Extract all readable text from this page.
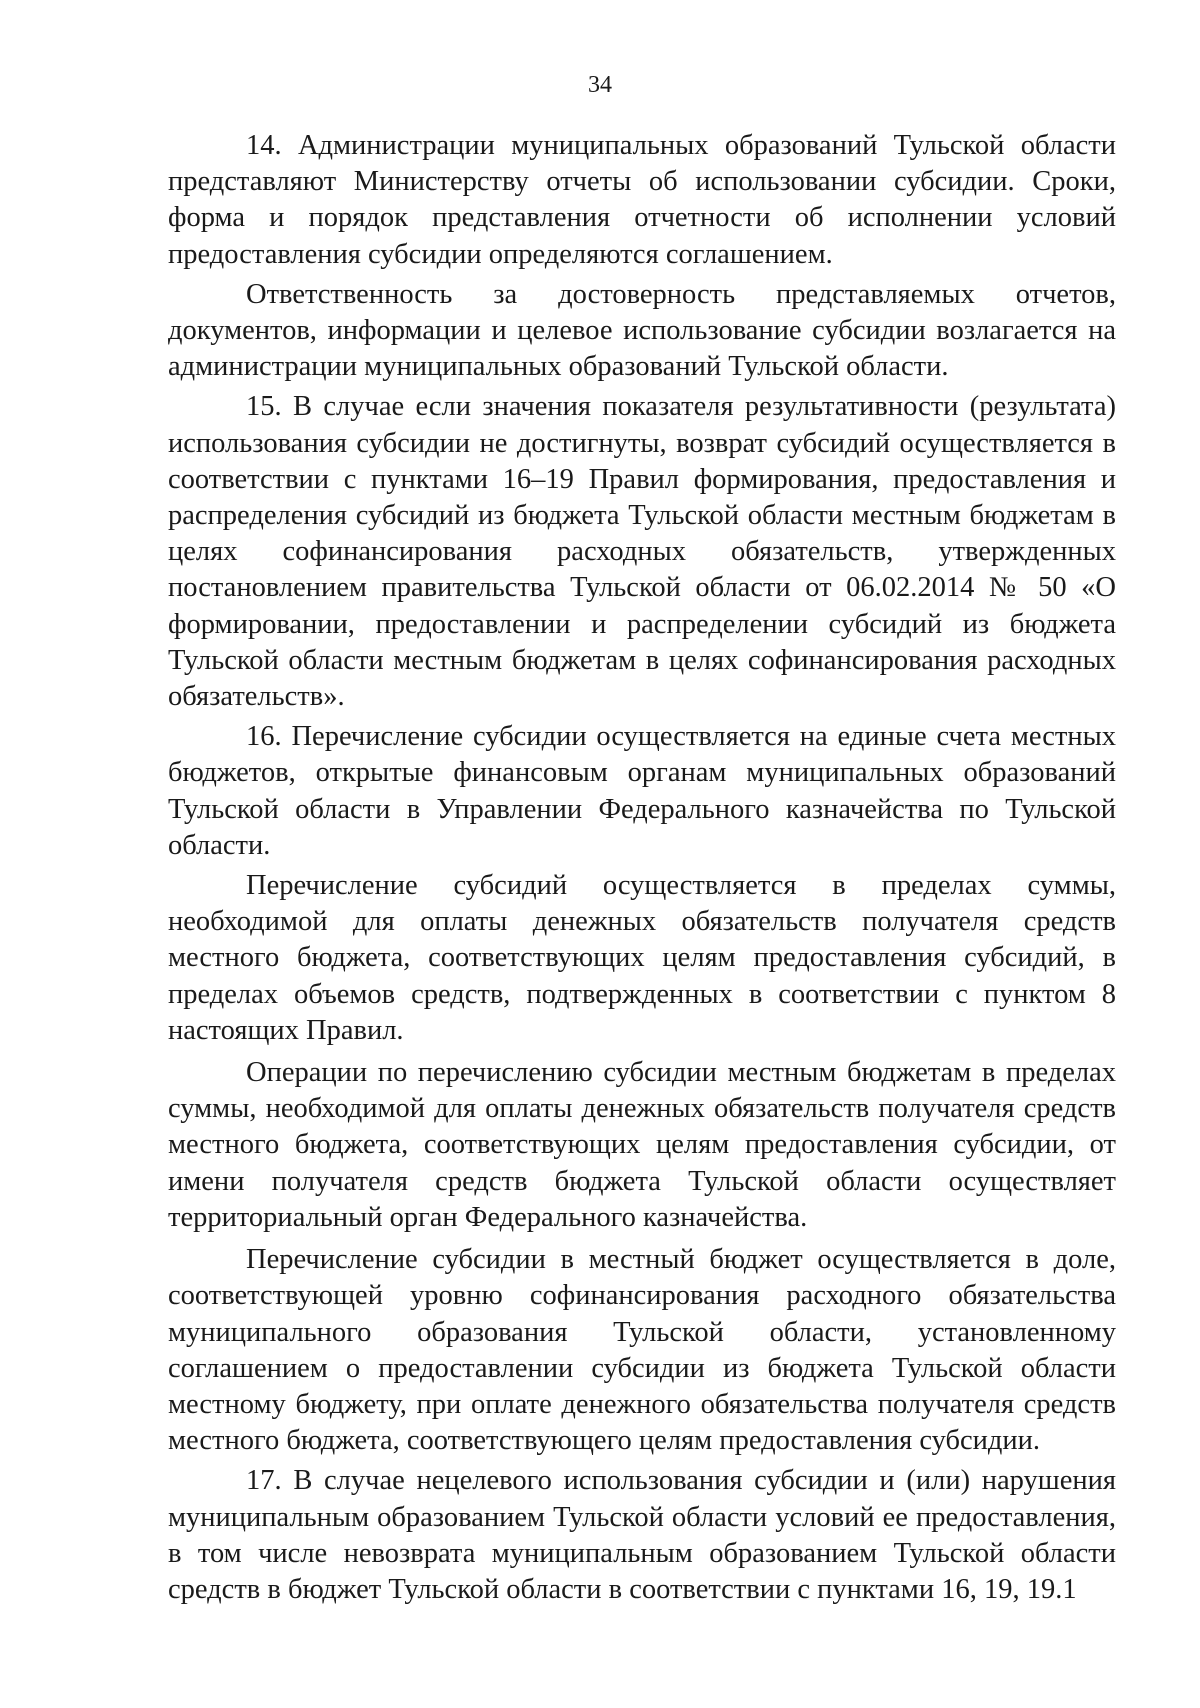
34

14. Администрации муниципальных образований Тульской области представляют Министерству отчеты об использовании субсидии. Сроки, форма и порядок представления отчетности об исполнении условий предоставления субсидии определяются соглашением.

Ответственность за достоверность представляемых отчетов, документов, информации и целевое использование субсидии возлагается на администрации муниципальных образований Тульской области.

15. В случае если значения показателя результативности (результата) использования субсидии не достигнуты, возврат субсидий осуществляется в соответствии с пунктами 16–19 Правил формирования, предоставления и распределения субсидий из бюджета Тульской области местным бюджетам в целях софинансирования расходных обязательств, утвержденных постановлением правительства Тульской области от 06.02.2014 № 50 «О формировании, предоставлении и распределении субсидий из бюджета Тульской области местным бюджетам в целях софинансирования расходных обязательств».

16. Перечисление субсидии осуществляется на единые счета местных бюджетов, открытые финансовым органам муниципальных образований Тульской области в Управлении Федерального казначейства по Тульской области.

Перечисление субсидий осуществляется в пределах суммы, необходимой для оплаты денежных обязательств получателя средств местного бюджета, соответствующих целям предоставления субсидий, в пределах объемов средств, подтвержденных в соответствии с пунктом 8 настоящих Правил.

Операции по перечислению субсидии местным бюджетам в пределах суммы, необходимой для оплаты денежных обязательств получателя средств местного бюджета, соответствующих целям предоставления субсидии, от имени получателя средств бюджета Тульской области осуществляет территориальный орган Федерального казначейства.

Перечисление субсидии в местный бюджет осуществляется в доле, соответствующей уровню софинансирования расходного обязательства муниципального образования Тульской области, установленному соглашением о предоставлении субсидии из бюджета Тульской области местному бюджету, при оплате денежного обязательства получателя средств местного бюджета, соответствующего целям предоставления субсидии.

17. В случае нецелевого использования субсидии и (или) нарушения муниципальным образованием Тульской области условий ее предоставления, в том числе невозврата муниципальным образованием Тульской области средств в бюджет Тульской области в соответствии с пунктами 16, 19, 19.1
